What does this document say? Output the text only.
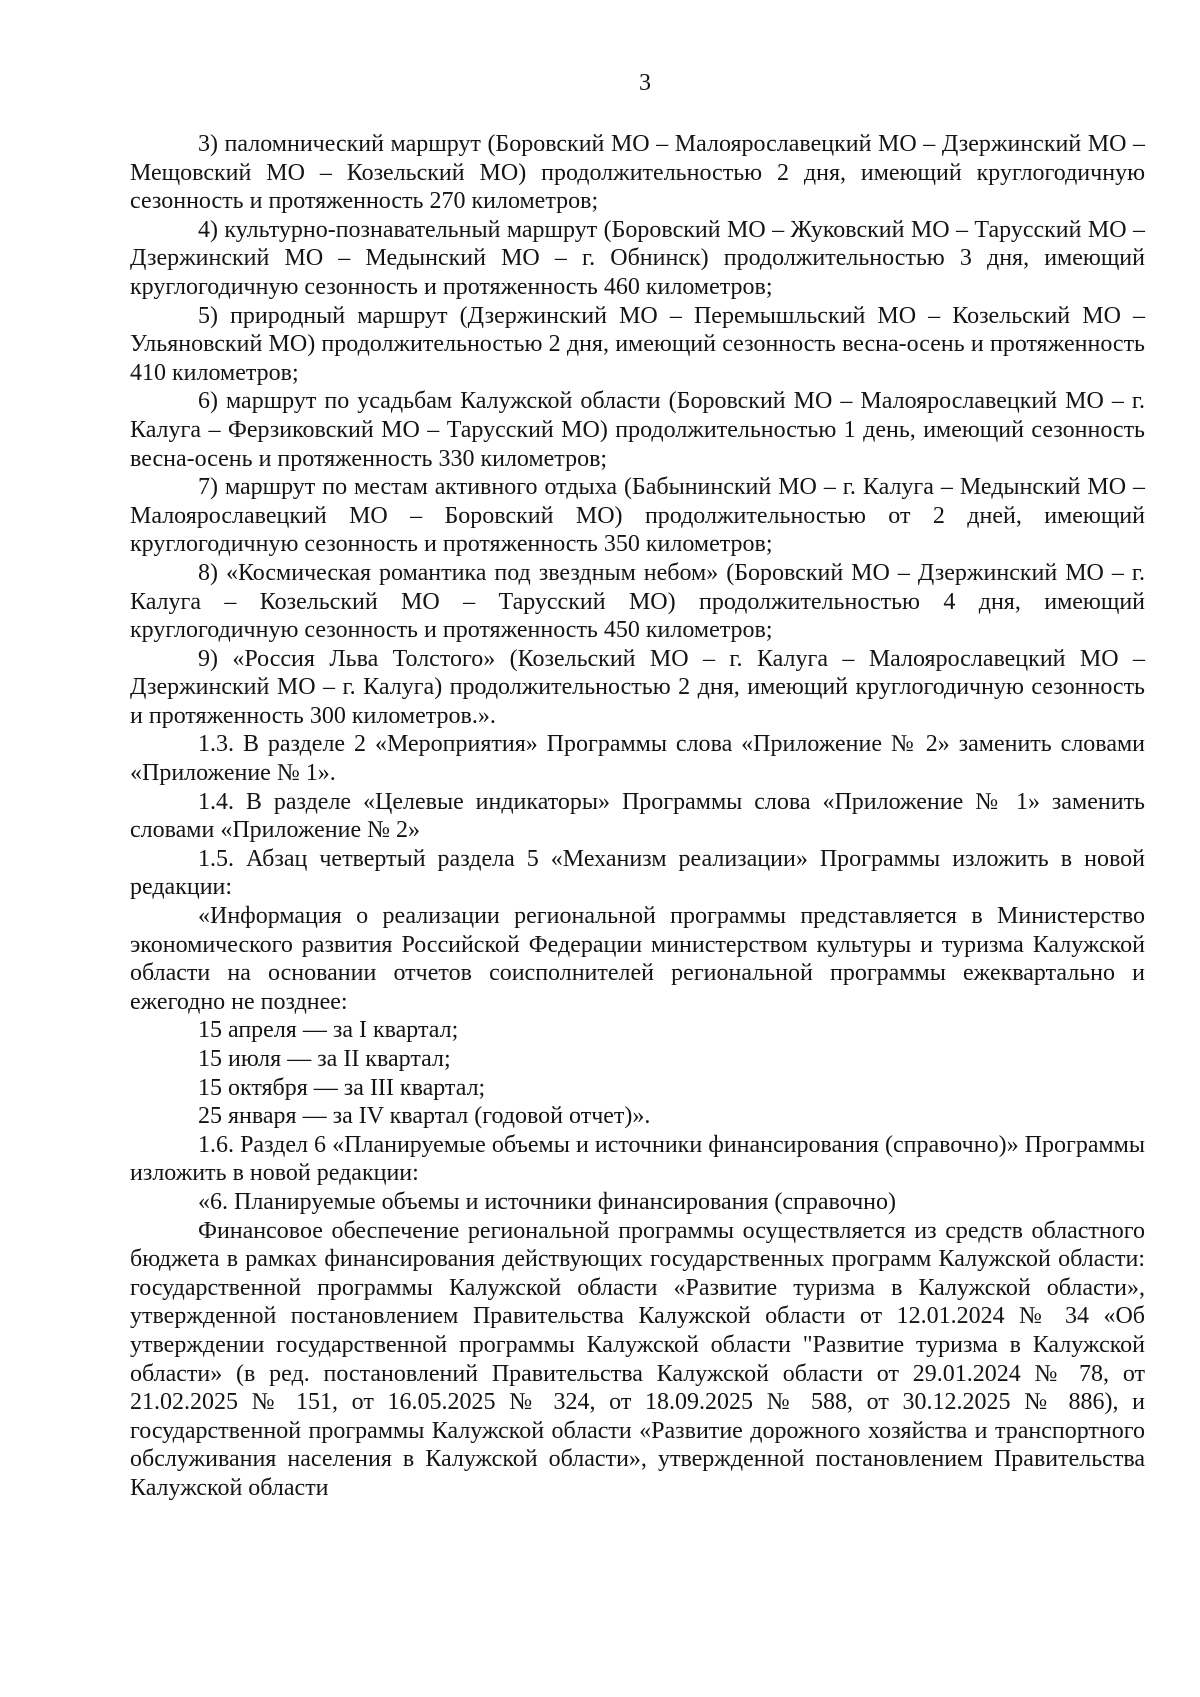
3

3) паломнический маршрут (Боровский МО – Малоярославецкий МО – Дзержинский МО – Мещовский МО – Козельский МО) продолжительностью 2 дня, имеющий круглогодичную сезонность и протяженность 270 километров;

4) культурно-познавательный маршрут (Боровский МО – Жуковский МО – Тарусский МО – Дзержинский МО – Медынский МО – г. Обнинск) продолжительностью 3 дня, имеющий круглогодичную сезонность и протяженность 460 километров;

5) природный маршрут (Дзержинский МО – Перемышльский МО – Козельский МО – Ульяновский МО) продолжительностью 2 дня, имеющий сезонность весна-осень и протяженность 410 километров;

6) маршрут по усадьбам Калужской области (Боровский МО – Малоярославецкий МО – г. Калуга – Ферзиковский МО – Тарусский МО) продолжительностью 1 день, имеющий сезонность весна-осень и протяженность 330 километров;

7) маршрут по местам активного отдыха (Бабынинский МО – г. Калуга – Медынский МО – Малоярославецкий МО – Боровский МО) продолжительностью от 2 дней, имеющий круглогодичную сезонность и протяженность 350 километров;

8) «Космическая романтика под звездным небом» (Боровский МО – Дзержинский МО – г. Калуга – Козельский МО – Тарусский МО) продолжительностью 4 дня, имеющий круглогодичную сезонность и протяженность 450 километров;

9) «Россия Льва Толстого» (Козельский МО – г. Калуга – Малоярославецкий МО – Дзержинский МО – г. Калуга) продолжительностью 2 дня, имеющий круглогодичную сезонность и протяженность 300 километров.».

1.3. В разделе 2 «Мероприятия» Программы слова «Приложение № 2» заменить словами «Приложение № 1».

1.4. В разделе «Целевые индикаторы» Программы слова «Приложение № 1» заменить словами «Приложение № 2»

1.5. Абзац четвертый раздела 5 «Механизм реализации» Программы изложить в новой редакции:

«Информация о реализации региональной программы представляется в Министерство экономического развития Российской Федерации министерством культуры и туризма Калужской области на основании отчетов соисполнителей региональной программы ежеквартально и ежегодно не позднее:

15 апреля — за I квартал;

15 июля — за II квартал;

15 октября — за III квартал;

25 января — за IV квартал (годовой отчет)».

1.6. Раздел 6 «Планируемые объемы и источники финансирования (справочно)» Программы изложить в новой редакции:

«6. Планируемые объемы и источники финансирования (справочно)

Финансовое обеспечение региональной программы осуществляется из средств областного бюджета в рамках финансирования действующих государственных программ Калужской области: государственной программы Калужской области «Развитие туризма в Калужской области», утвержденной постановлением Правительства Калужской области от 12.01.2024 № 34 «Об утверждении государственной программы Калужской области "Развитие туризма в Калужской области» (в ред. постановлений Правительства Калужской области от 29.01.2024 № 78, от 21.02.2025 № 151, от 16.05.2025 № 324, от 18.09.2025 № 588, от 30.12.2025 № 886), и государственной программы Калужской области «Развитие дорожного хозяйства и транспортного обслуживания населения в Калужской области», утвержденной постановлением Правительства Калужской области
